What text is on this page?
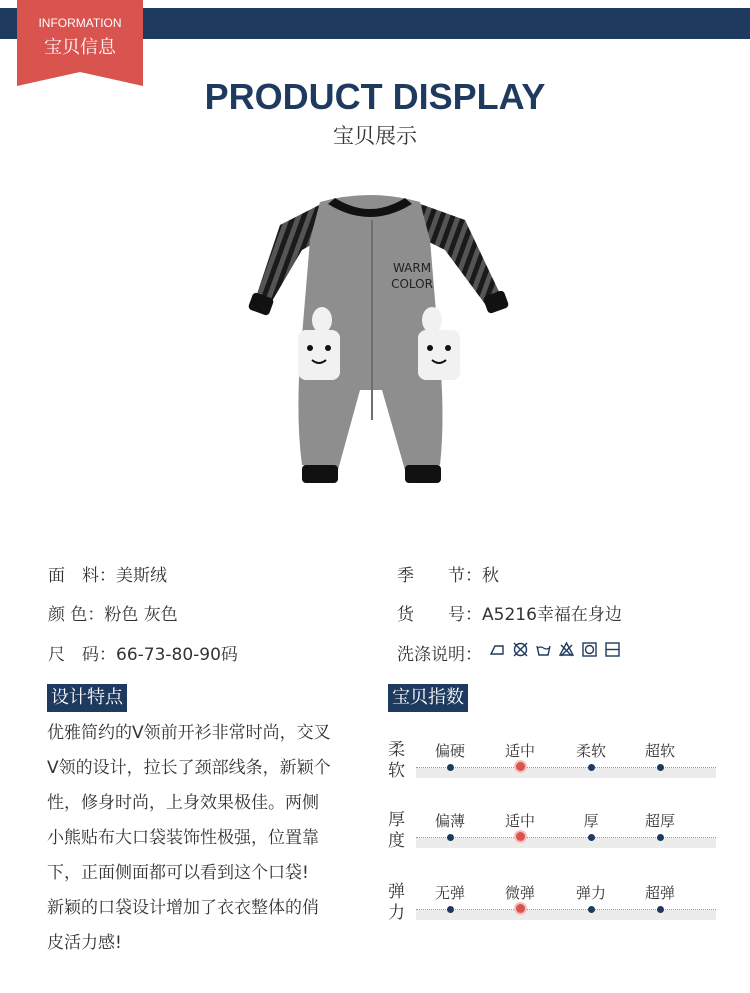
INFORMATION
宝贝信息
PRODUCT DISPLAY
宝贝展示
WARM
COLOR
面　料：美斯绒
颜 色：粉色 灰色
尺　码：66-73-80-90码
季　　节：秋
货　　号：A5216幸福在身边
洗涤说明：
设计特点
优雅简约的V领前开衫非常时尚，交叉
V领的设计，拉长了颈部线条，新颖个
性，修身时尚，上身效果极佳。两侧
小熊贴布大口袋装饰性极强，位置靠
下，正面侧面都可以看到这个口袋!
新颖的口袋设计增加了衣衣整体的俏
皮活力感!
宝贝指数
柔软
偏硬	适中	柔软	超软
厚度
偏薄	适中	厚	超厚
弹力
无弹	微弹	弹力	超弹
